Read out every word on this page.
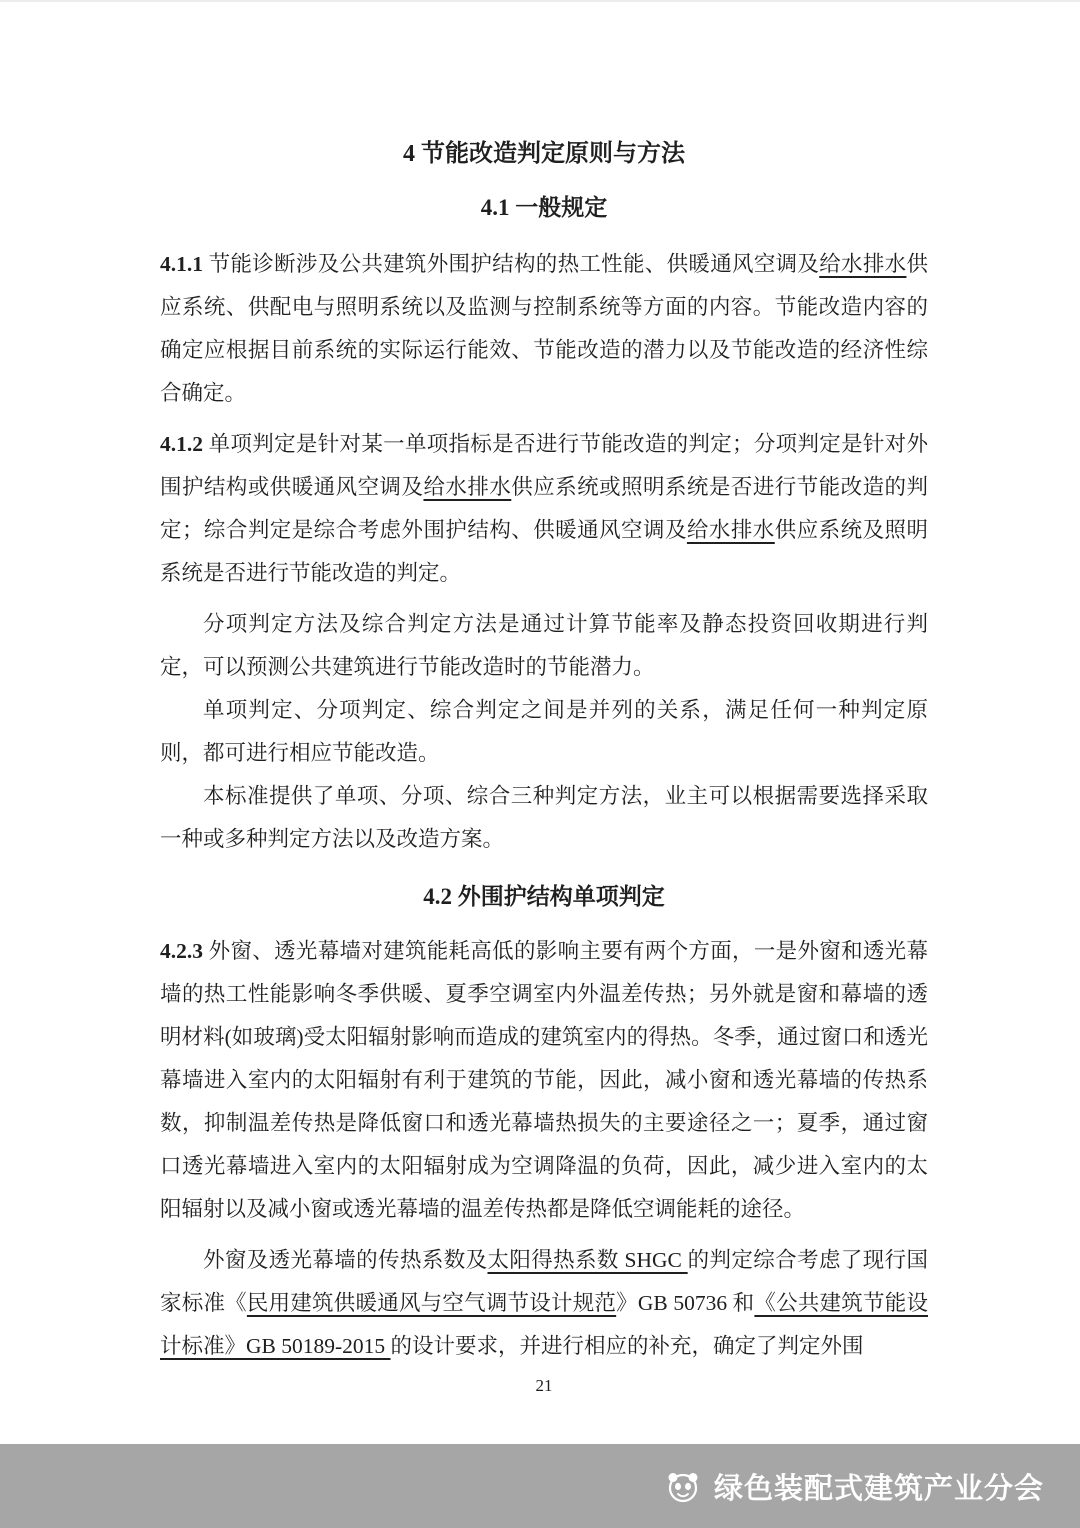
4 节能改造判定原则与方法
4.1 一般规定

4.1.1 节能诊断涉及公共建筑外围护结构的热工性能、供暖通风空调及给水排水供应系统、供配电与照明系统以及监测与控制系统等方面的内容。节能改造内容的确定应根据目前系统的实际运行能效、节能改造的潜力以及节能改造的经济性综合确定。

4.1.2 单项判定是针对某一单项指标是否进行节能改造的判定；分项判定是针对外围护结构或供暖通风空调及给水排水供应系统或照明系统是否进行节能改造的判定；综合判定是综合考虑外围护结构、供暖通风空调及给水排水供应系统及照明系统是否进行节能改造的判定。

分项判定方法及综合判定方法是通过计算节能率及静态投资回收期进行判定，可以预测公共建筑进行节能改造时的节能潜力。

单项判定、分项判定、综合判定之间是并列的关系，满足任何一种判定原则，都可进行相应节能改造。

本标准提供了单项、分项、综合三种判定方法，业主可以根据需要选择采取一种或多种判定方法以及改造方案。

4.2 外围护结构单项判定

4.2.3 外窗、透光幕墙对建筑能耗高低的影响主要有两个方面，一是外窗和透光幕墙的热工性能影响冬季供暖、夏季空调室内外温差传热；另外就是窗和幕墙的透明材料(如玻璃)受太阳辐射影响而造成的建筑室内的得热。冬季，通过窗口和透光幕墙进入室内的太阳辐射有利于建筑的节能，因此，减小窗和透光幕墙的传热系数，抑制温差传热是降低窗口和透光幕墙热损失的主要途径之一；夏季，通过窗口透光幕墙进入室内的太阳辐射成为空调降温的负荷，因此，减少进入室内的太阳辐射以及减小窗或透光幕墙的温差传热都是降低空调能耗的途径。

外窗及透光幕墙的传热系数及太阳得热系数 SHGC 的判定综合考虑了现行国家标准《民用建筑供暖通风与空气调节设计规范》GB 50736 和《公共建筑节能设计标准》GB 50189-2015 的设计要求，并进行相应的补充，确定了判定外围

21
绿色装配式建筑产业分会
